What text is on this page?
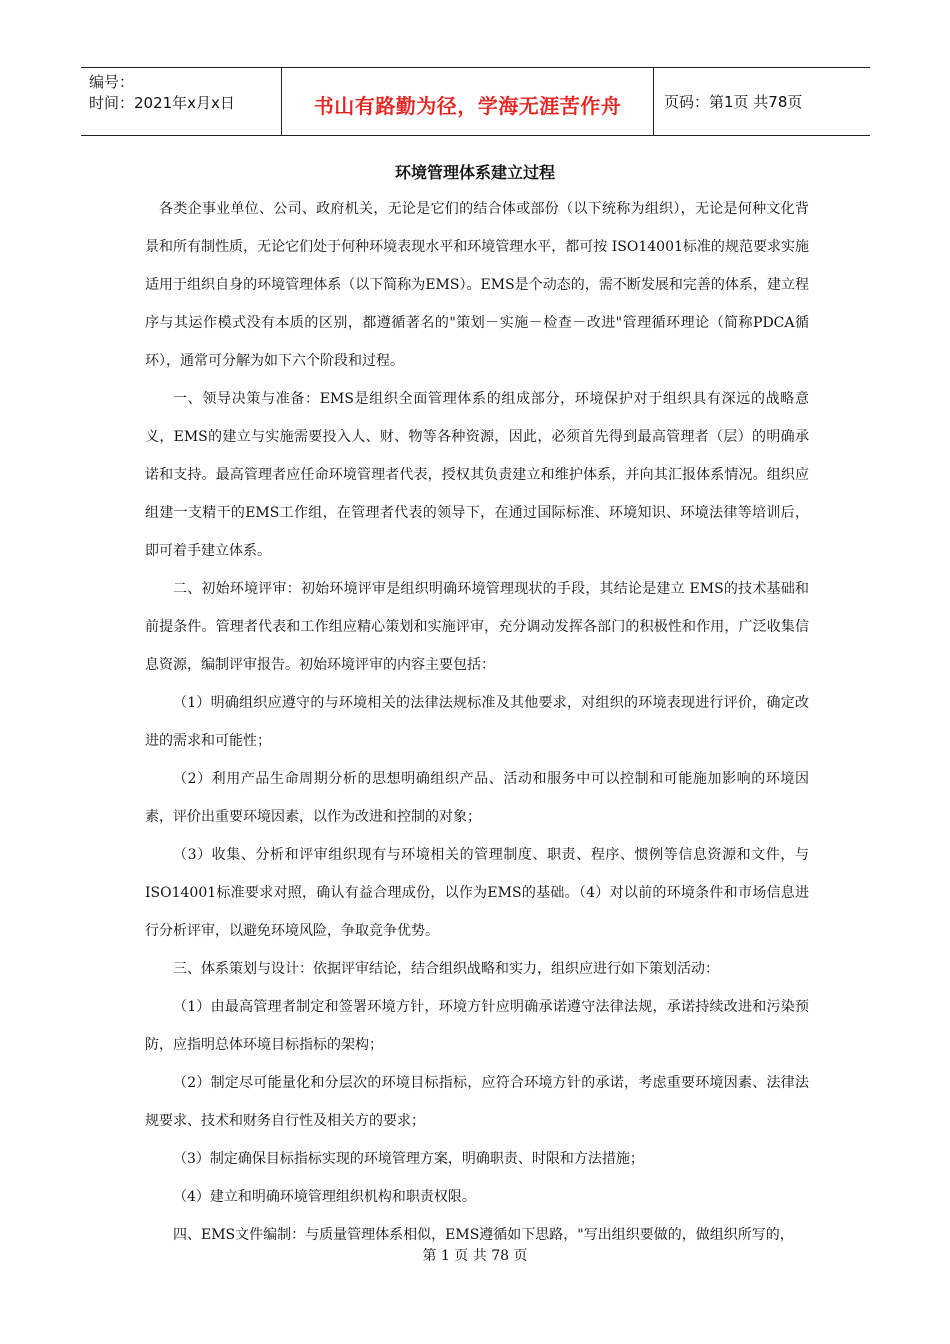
编号：
时间：2021年x月x日	书山有路勤为径，学海无涯苦作舟	页码：第1页 共78页
环境管理体系建立过程

各类企事业单位、公司、政府机关，无论是它们的结合体或部份（以下统称为组织），无论是何种文化背景和所有制性质，无论它们处于何种环境表现水平和环境管理水平，都可按 ISO14001标准的规范要求实施适用于组织自身的环境管理体系（以下简称为EMS）。EMS是个动态的，需不断发展和完善的体系，建立程序与其运作模式没有本质的区别，都遵循著名的"策划－实施－检查－改进"管理循环理论（简称PDCA循环），通常可分解为如下六个阶段和过程。

一、领导决策与准备：EMS是组织全面管理体系的组成部分，环境保护对于组织具有深远的战略意义，EMS的建立与实施需要投入人、财、物等各种资源，因此，必须首先得到最高管理者（层）的明确承诺和支持。最高管理者应任命环境管理者代表，授权其负责建立和维护体系，并向其汇报体系情况。组织应组建一支精干的EMS工作组，在管理者代表的领导下，在通过国际标准、环境知识、环境法律等培训后，即可着手建立体系。

二、初始环境评审：初始环境评审是组织明确环境管理现状的手段，其结论是建立 EMS的技术基础和前提条件。管理者代表和工作组应精心策划和实施评审，充分调动发挥各部门的积极性和作用，广泛收集信息资源，编制评审报告。初始环境评审的内容主要包括：

（1）明确组织应遵守的与环境相关的法律法规标准及其他要求，对组织的环境表现进行评价，确定改进的需求和可能性；

（2）利用产品生命周期分析的思想明确组织产品、活动和服务中可以控制和可能施加影响的环境因素，评价出重要环境因素，以作为改进和控制的对象；

（3）收集、分析和评审组织现有与环境相关的管理制度、职责、程序、惯例等信息资源和文件，与ISO14001标准要求对照，确认有益合理成份，以作为EMS的基础。（4）对以前的环境条件和市场信息进行分析评审，以避免环境风险，争取竞争优势。

三、体系策划与设计：依据评审结论，结合组织战略和实力，组织应进行如下策划活动：

（1）由最高管理者制定和签署环境方针，环境方针应明确承诺遵守法律法规，承诺持续改进和污染预防，应指明总体环境目标指标的架构；

（2）制定尽可能量化和分层次的环境目标指标，应符合环境方针的承诺，考虑重要环境因素、法律法规要求、技术和财务自行性及相关方的要求；

（3）制定确保目标指标实现的环境管理方案，明确职责、时限和方法措施；

（4）建立和明确环境管理组织机构和职责权限。

四、EMS文件编制：与质量管理体系相似，EMS遵循如下思路，"写出组织要做的，做组织所写的，

第 1 页 共 78 页
